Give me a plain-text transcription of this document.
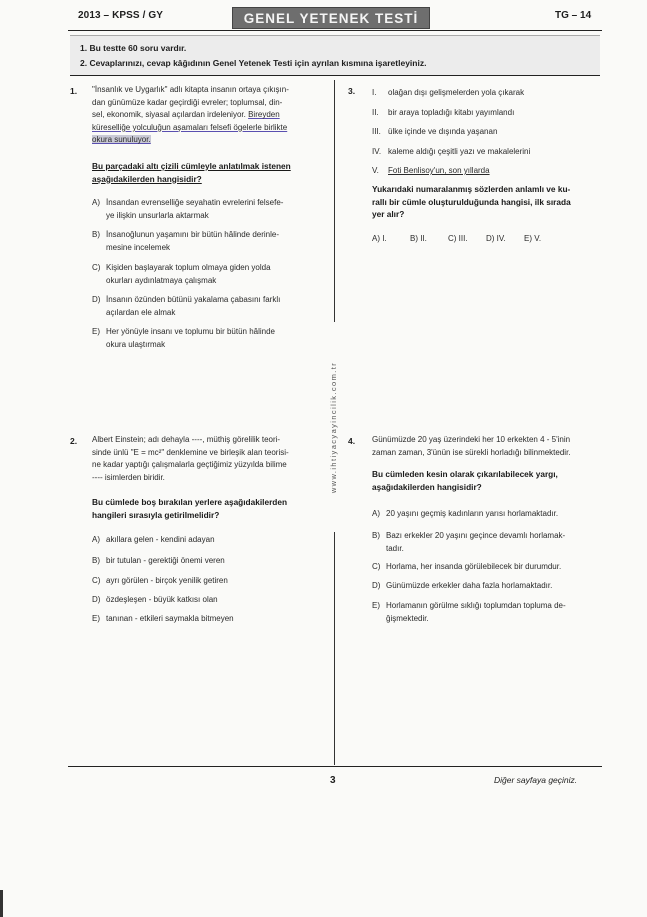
2013 – KPSS / GY	GENEL YETENEK TESTİ	TG – 14
1. Bu testte 60 soru vardır.
2. Cevaplarınızı, cevap kâğıdının Genel Yetenek Testi için ayrılan kısmına işaretleyiniz.
www.ihtiyacyayincilik.com.tr
1. "İnsanlık ve Uygarlık" adlı kitapta insanın ortaya çıkışın-
dan günümüze kadar geçirdiği evreler; toplumsal, din-
sel, ekonomik, siyasal açılardan irdeleniyor. Bireyden
küreselliğe yolculuğun aşamaları felsefi ögelerle birlikte
okura sunuluyor.
Bu parçadaki altı çizili cümleyle anlatılmak istenen
aşağıdakilerden hangisidir?
A) İnsandan evrenselliğe seyahatin evrelerini felsefe-
ye ilişkin unsurlarla aktarmak
B) İnsanoğlunun yaşamını bir bütün hâlinde derinle-
mesine incelemek
C) Kişiden başlayarak toplum olmaya giden yolda
okurları aydınlatmaya çalışmak
D) İnsanın özünden bütünü yakalama çabasını farklı
açılardan ele almak
E) Her yönüyle insanı ve toplumu bir bütün hâlinde
okura ulaştırmak
2. Albert Einstein; adı dehayla ----, müthiş görelilik teori-
sinde ünlü "E = mc²" denklemine ve birleşik alan teorisi-
ne kadar yaptığı çalışmalarla geçtiğimiz yüzyılda bilime
---- isimlerden biridir.
Bu cümlede boş bırakılan yerlere aşağıdakilerden
hangileri sırasıyla getirilmelidir?
A) akıllara gelen - kendini adayan
B) bir tutulan - gerektiği önemi veren
C) ayrı görülen - birçok yenilik getiren
D) özdeşleşen - büyük katkısı olan
E) tanınan - etkileri saymakla bitmeyen
3. I. olağan dışı gelişmelerden yola çıkarak
II. bir araya topladığı kitabı yayımlandı
III. ülke içinde ve dışında yaşanan
IV. kaleme aldığı çeşitli yazı ve makalelerini
V. Foti Benlisoy'un, son yıllarda
Yukarıdaki numaralanmış sözlerden anlamlı ve ku-
rallı bir cümle oluşturulduğunda hangisi, ilk sırada
yer alır?
A) I.	B) II.	C) III.	D) IV.	E) V.
4. Günümüzde 20 yaş üzerindeki her 10 erkekten 4 - 5'inin
zaman zaman, 3'ünün ise sürekli horladığı bilinmektedir.
Bu cümleden kesin olarak çıkarılabilecek yargı,
aşağıdakilerden hangisidir?
A) 20 yaşını geçmiş kadınların yarısı horlamaktadır.
B) Bazı erkekler 20 yaşını geçince devamlı horlamak-
tadır.
C) Horlama, her insanda görülebilecek bir durumdur.
D) Günümüzde erkekler daha fazla horlamaktadır.
E) Horlamanın görülme sıklığı toplumdan topluma de-
ğişmektedir.
3	Diğer sayfaya geçiniz.
